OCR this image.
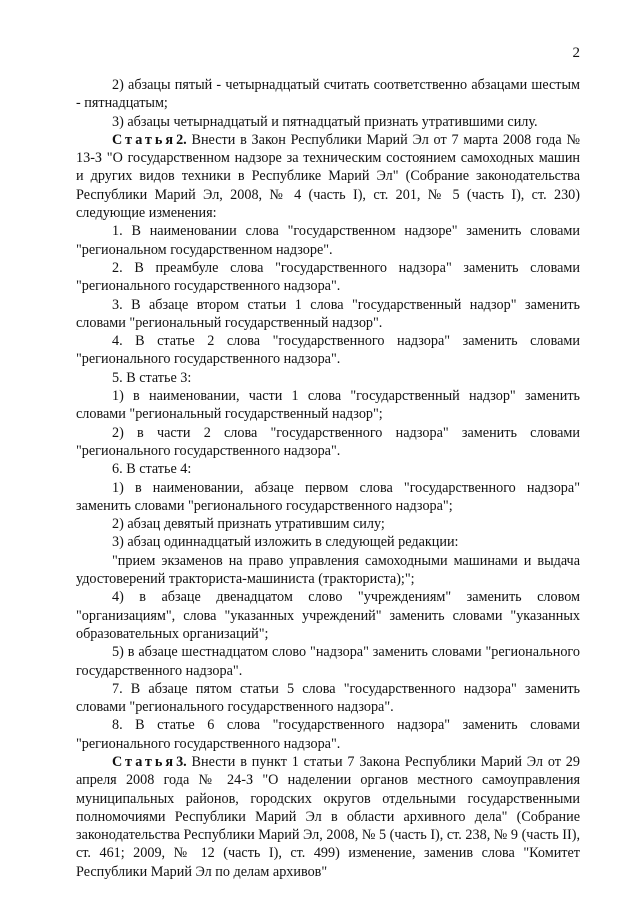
2

2) абзацы пятый - четырнадцатый считать соответственно абзацами шестым - пятнадцатым;

3) абзацы четырнадцатый и пятнадцатый признать утратившими силу.

Статья2. Внести в Закон Республики Марий Эл от 7 марта 2008 года № 13-З "О государственном надзоре за техническим состоянием самоходных машин и других видов техники в Республике Марий Эл" (Собрание законодательства Республики Марий Эл, 2008, № 4 (часть I), ст. 201, № 5 (часть I), ст. 230) следующие изменения:

1. В наименовании слова "государственном надзоре" заменить словами "региональном государственном надзоре".

2. В преамбуле слова "государственного надзора" заменить словами "регионального государственного надзора".

3. В абзаце втором статьи 1 слова "государственный надзор" заменить словами "региональный государственный надзор".

4. В статье 2 слова "государственного надзора" заменить словами "регионального государственного надзора".

5. В статье 3:

1) в наименовании, части 1 слова "государственный надзор" заменить словами "региональный государственный надзор";

2) в части 2 слова "государственного надзора" заменить словами "регионального государственного надзора".

6. В статье 4:

1) в наименовании, абзаце первом слова "государственного надзора" заменить словами "регионального государственного надзора";

2) абзац девятый признать утратившим силу;

3) абзац одиннадцатый изложить в следующей редакции:

"прием экзаменов на право управления самоходными машинами и выдача удостоверений тракториста-машиниста (тракториста);";

4) в абзаце двенадцатом слово "учреждениям" заменить словом "организациям", слова "указанных учреждений" заменить словами "указанных образовательных организаций";

5) в абзаце шестнадцатом слово "надзора" заменить словами "регионального государственного надзора".

7. В абзаце пятом статьи 5 слова "государственного надзора" заменить словами "регионального государственного надзора".

8. В статье 6 слова "государственного надзора" заменить словами "регионального государственного надзора".

Статья3. Внести в пункт 1 статьи 7 Закона Республики Марий Эл от 29 апреля 2008 года № 24-З "О наделении органов местного самоуправления муниципальных районов, городских округов отдельными государственными полномочиями Республики Марий Эл в области архивного дела" (Собрание законодательства Республики Марий Эл, 2008, № 5 (часть I), ст. 238, № 9 (часть II), ст. 461; 2009, № 12 (часть I), ст. 499) изменение, заменив слова "Комитет Республики Марий Эл по делам архивов"
